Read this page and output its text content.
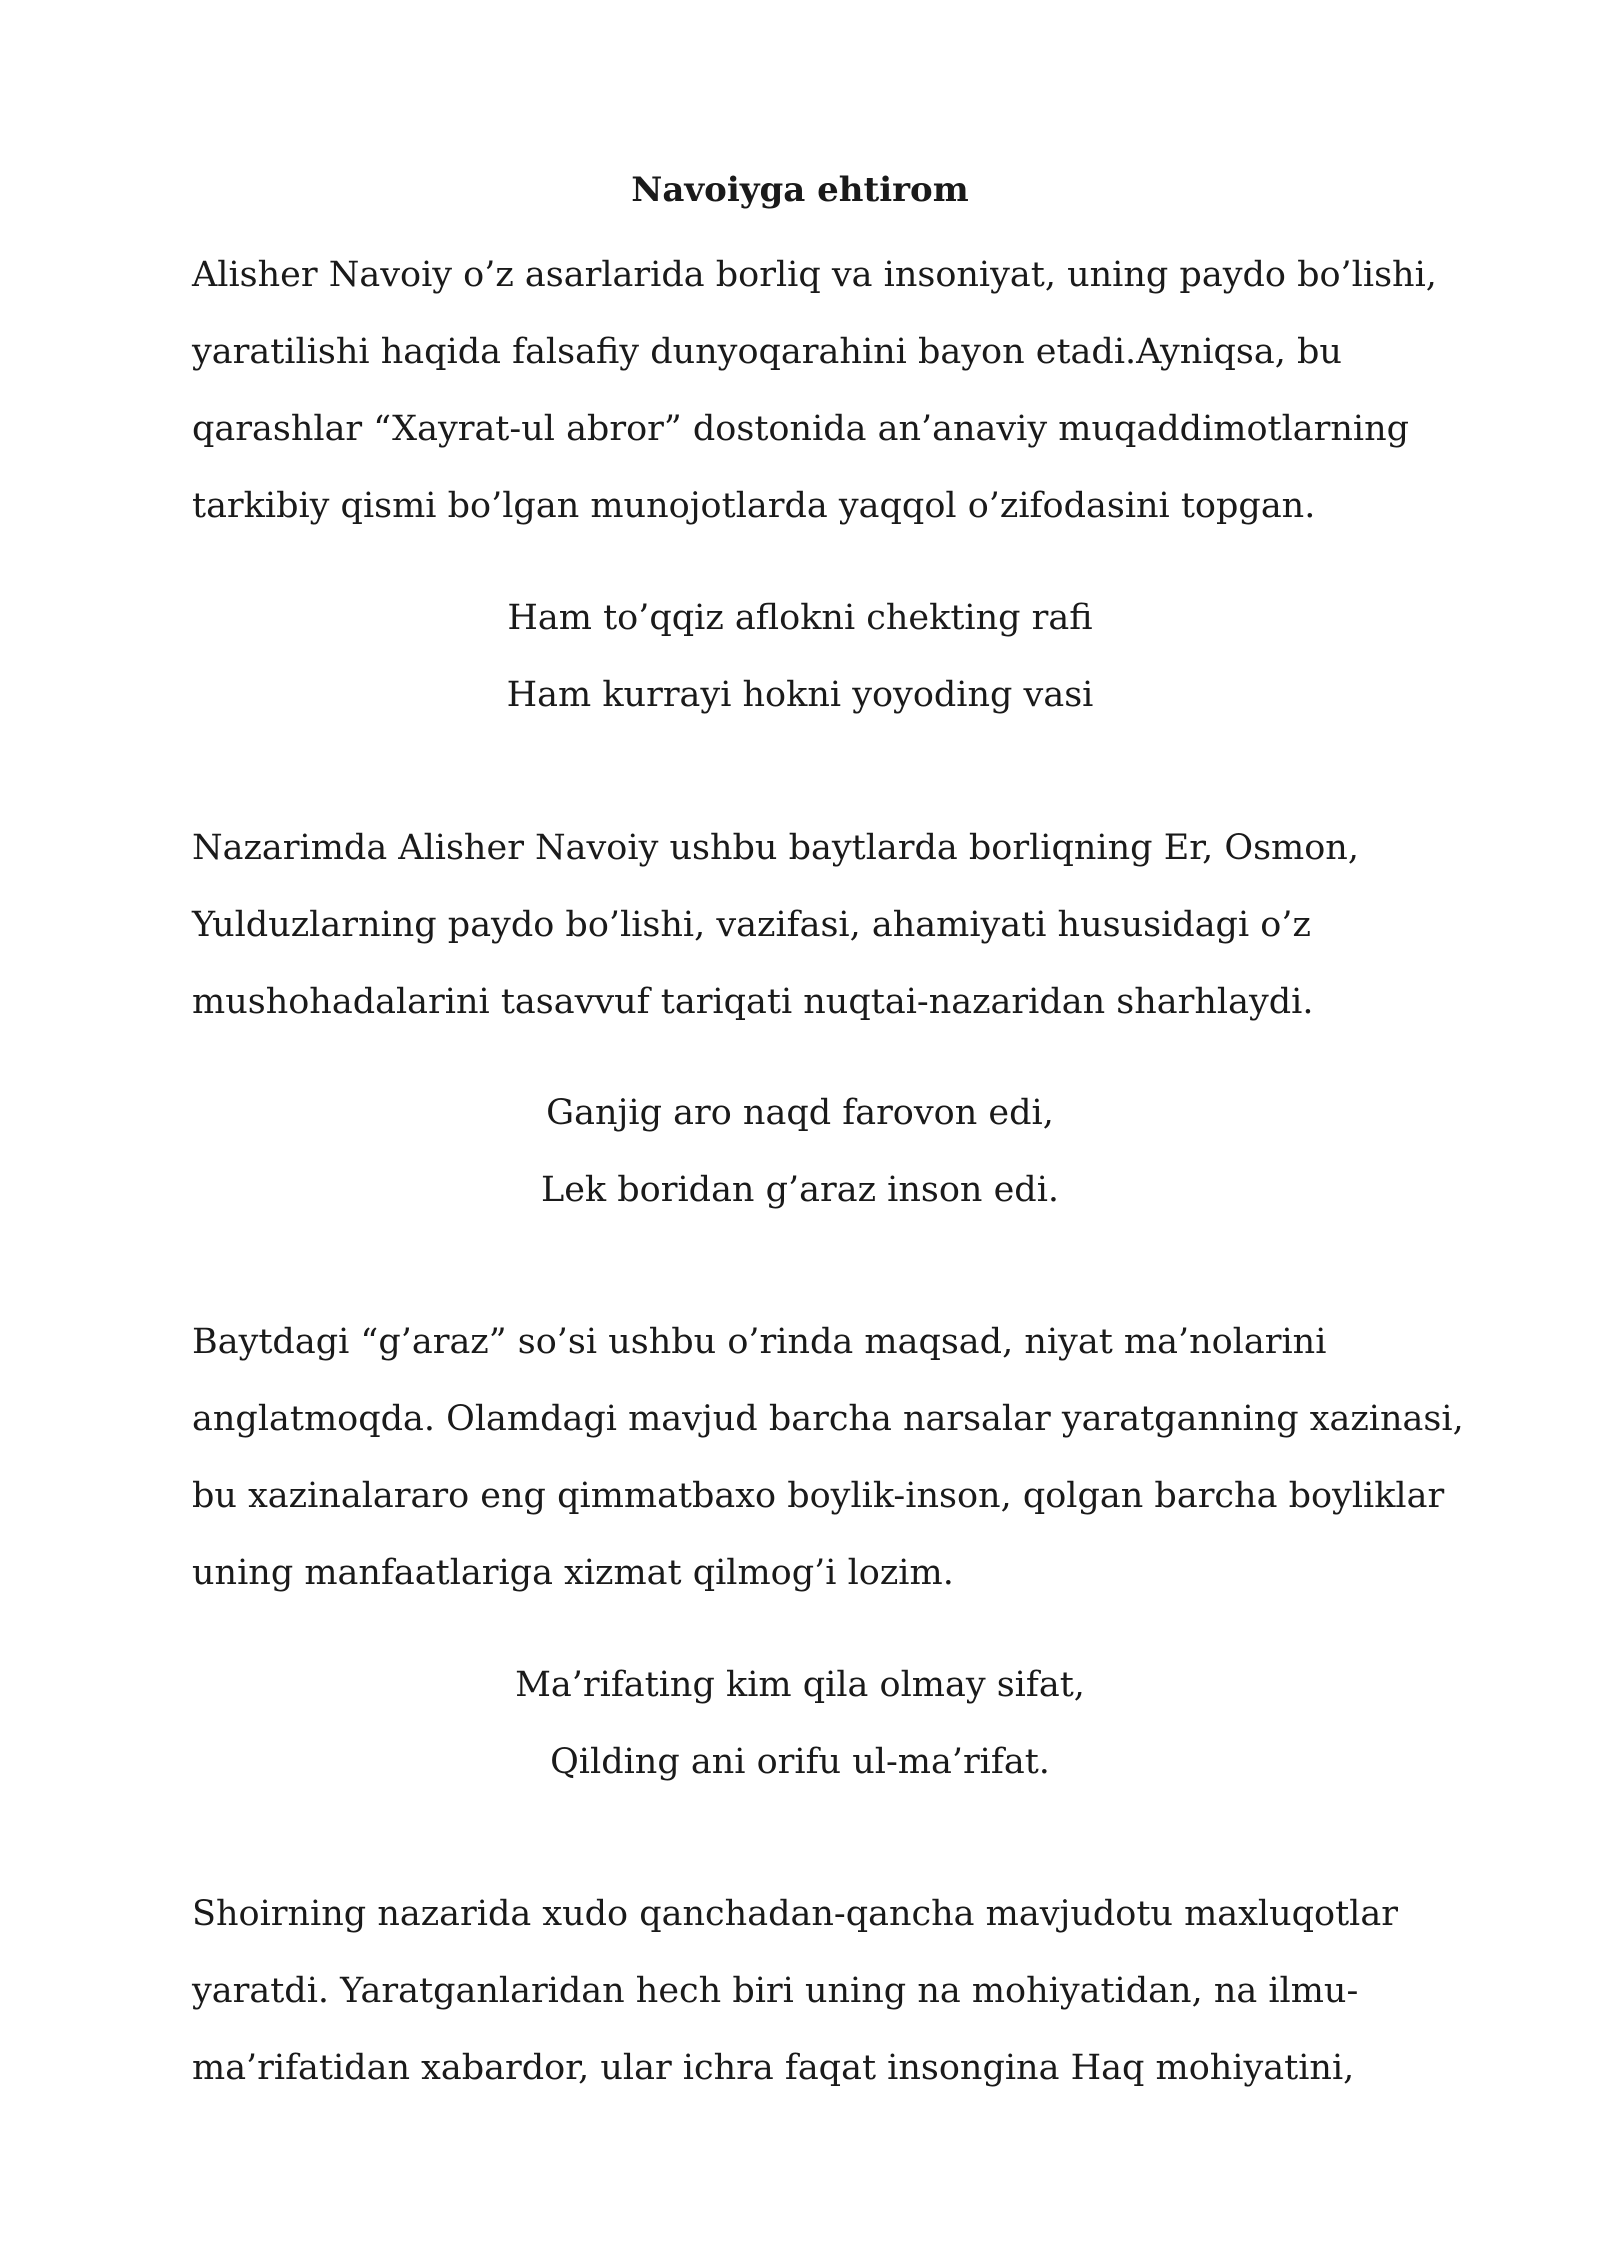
Navoiyga ehtirom

Alisher Navoiy o’z asarlarida borliq va insoniyat, uning paydo bo’lishi,
yaratilishi haqida falsafiy dunyoqarahini bayon etadi.Ayniqsa, bu
qarashlar “Xayrat-ul abror” dostonida an’anaviy muqaddimotlarning
tarkibiy qismi bo’lgan munojotlarda yaqqol o’zifodasini topgan.

Ham to’qqiz aflokni chekting rafi
Ham kurrayi hokni yoyoding vasi

Nazarimda Alisher Navoiy ushbu baytlarda borliqning Er, Osmon,
Yulduzlarning paydo bo’lishi, vazifasi, ahamiyati hususidagi o’z
mushohadalarini tasavvuf tariqati nuqtai-nazaridan sharhlaydi.

Ganjig aro naqd farovon edi,
Lek boridan g’araz inson edi.

Baytdagi “g’araz” so’si ushbu o’rinda maqsad, niyat ma’nolarini
anglatmoqda. Olamdagi mavjud barcha narsalar yaratganning xazinasi,
bu xazinalararo eng qimmatbaxo boylik-inson, qolgan barcha boyliklar
uning manfaatlariga xizmat qilmog’i lozim.

Ma’rifating kim qila olmay sifat,
Qilding ani orifu ul-ma’rifat.

Shoirning nazarida xudo qanchadan-qancha mavjudotu maxluqotlar
yaratdi. Yaratganlaridan hech biri uning na mohiyatidan, na ilmu-
ma’rifatidan xabardor, ular ichra faqat insongina Haq mohiyatini,
